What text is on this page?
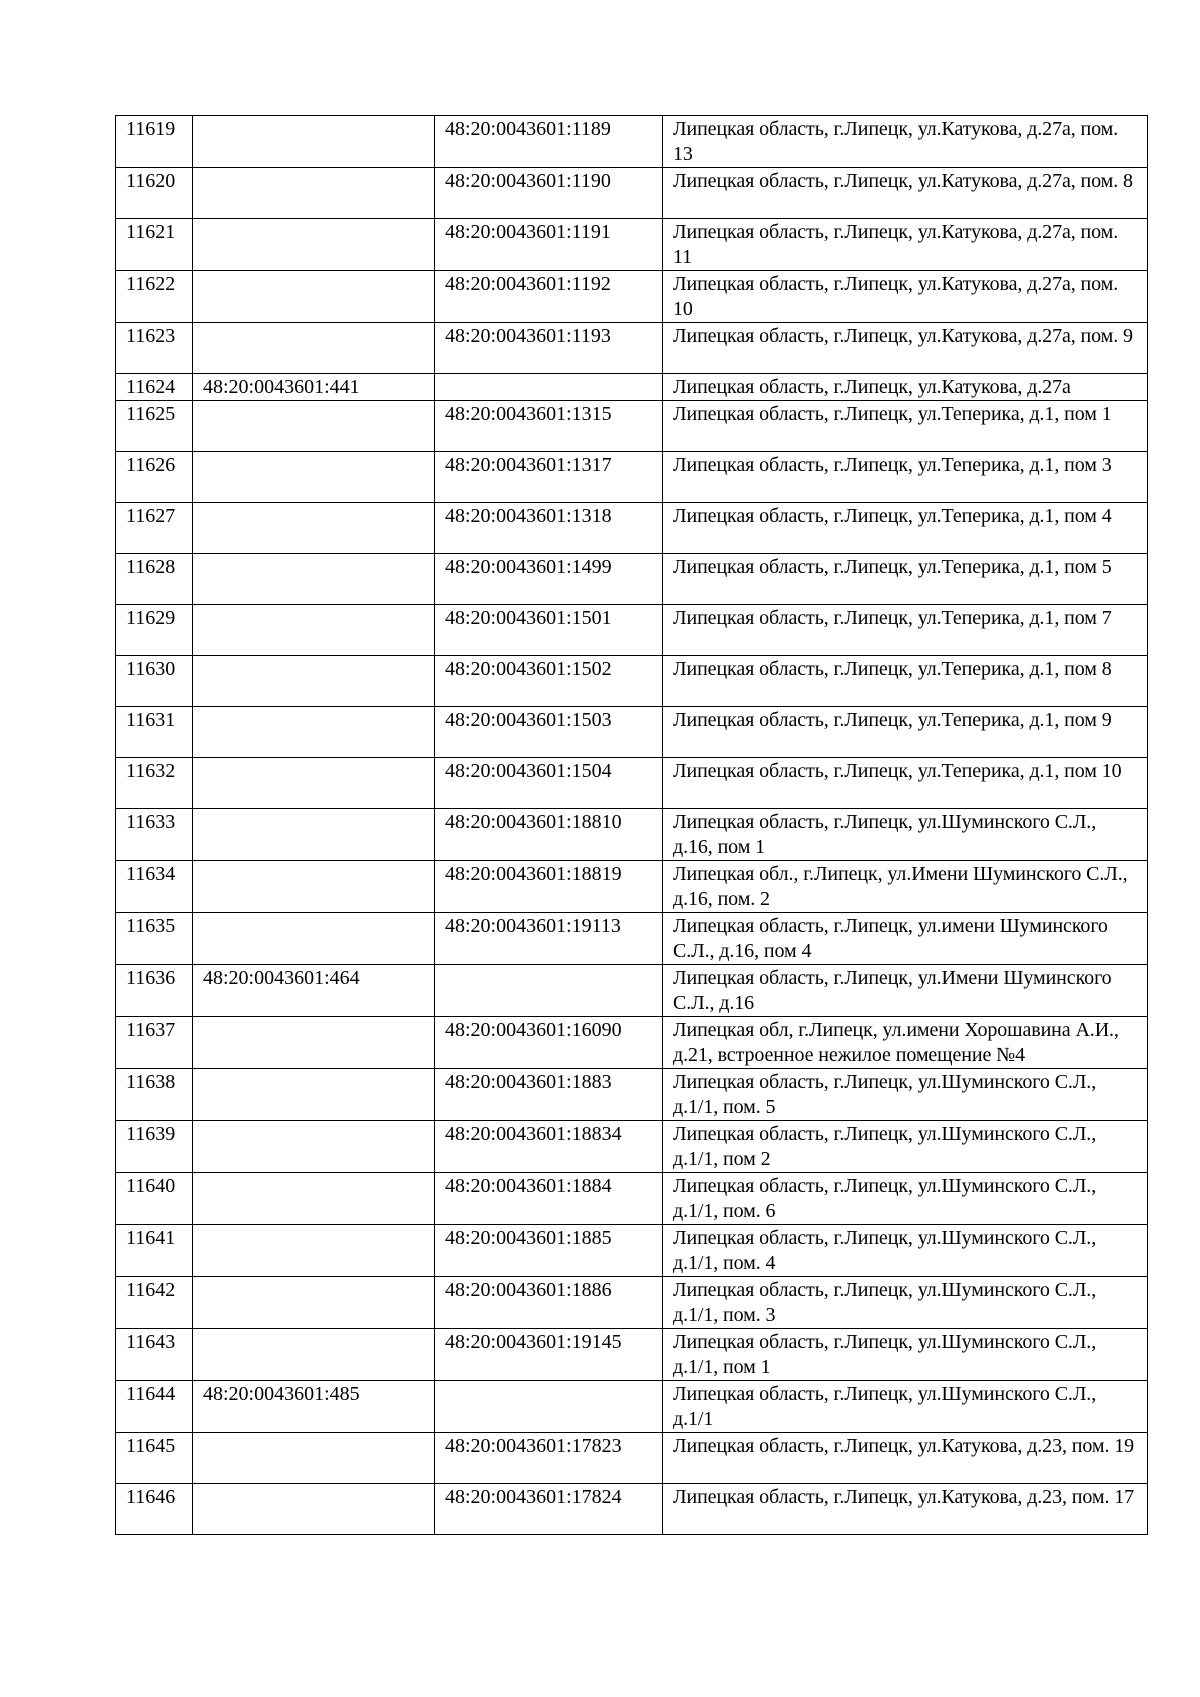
11619		48:20:0043601:1189	Липецкая область, г.Липецк, ул.Катукова, д.27а, пом. 13
11620		48:20:0043601:1190	Липецкая область, г.Липецк, ул.Катукова, д.27а, пом. 8
11621		48:20:0043601:1191	Липецкая область, г.Липецк, ул.Катукова, д.27а, пом. 11
11622		48:20:0043601:1192	Липецкая область, г.Липецк, ул.Катукова, д.27а, пом. 10
11623		48:20:0043601:1193	Липецкая область, г.Липецк, ул.Катукова, д.27а, пом. 9
11624	48:20:0043601:441		Липецкая область, г.Липецк, ул.Катукова, д.27а
11625		48:20:0043601:1315	Липецкая область, г.Липецк, ул.Теперика, д.1, пом 1
11626		48:20:0043601:1317	Липецкая область, г.Липецк, ул.Теперика, д.1, пом 3
11627		48:20:0043601:1318	Липецкая область, г.Липецк, ул.Теперика, д.1, пом 4
11628		48:20:0043601:1499	Липецкая область, г.Липецк, ул.Теперика, д.1, пом 5
11629		48:20:0043601:1501	Липецкая область, г.Липецк, ул.Теперика, д.1, пом 7
11630		48:20:0043601:1502	Липецкая область, г.Липецк, ул.Теперика, д.1, пом 8
11631		48:20:0043601:1503	Липецкая область, г.Липецк, ул.Теперика, д.1, пом 9
11632		48:20:0043601:1504	Липецкая область, г.Липецк, ул.Теперика, д.1, пом 10
11633		48:20:0043601:18810	Липецкая область, г.Липецк, ул.Шуминского С.Л., д.16, пом 1
11634		48:20:0043601:18819	Липецкая обл., г.Липецк, ул.Имени Шуминского С.Л., д.16, пом. 2
11635		48:20:0043601:19113	Липецкая область, г.Липецк, ул.имени Шуминского С.Л., д.16, пом 4
11636	48:20:0043601:464		Липецкая область, г.Липецк, ул.Имени Шуминского С.Л., д.16
11637		48:20:0043601:16090	Липецкая обл, г.Липецк, ул.имени Хорошавина А.И., д.21, встроенное нежилое помещение №4
11638		48:20:0043601:1883	Липецкая область, г.Липецк, ул.Шуминского С.Л., д.1/1, пом. 5
11639		48:20:0043601:18834	Липецкая область, г.Липецк, ул.Шуминского С.Л., д.1/1, пом 2
11640		48:20:0043601:1884	Липецкая область, г.Липецк, ул.Шуминского С.Л., д.1/1, пом. 6
11641		48:20:0043601:1885	Липецкая область, г.Липецк, ул.Шуминского С.Л., д.1/1, пом. 4
11642		48:20:0043601:1886	Липецкая область, г.Липецк, ул.Шуминского С.Л., д.1/1, пом. 3
11643		48:20:0043601:19145	Липецкая область, г.Липецк, ул.Шуминского С.Л., д.1/1, пом 1
11644	48:20:0043601:485		Липецкая область, г.Липецк, ул.Шуминского С.Л., д.1/1
11645		48:20:0043601:17823	Липецкая область, г.Липецк, ул.Катукова, д.23, пом. 19
11646		48:20:0043601:17824	Липецкая область, г.Липецк, ул.Катукова, д.23, пом. 17
